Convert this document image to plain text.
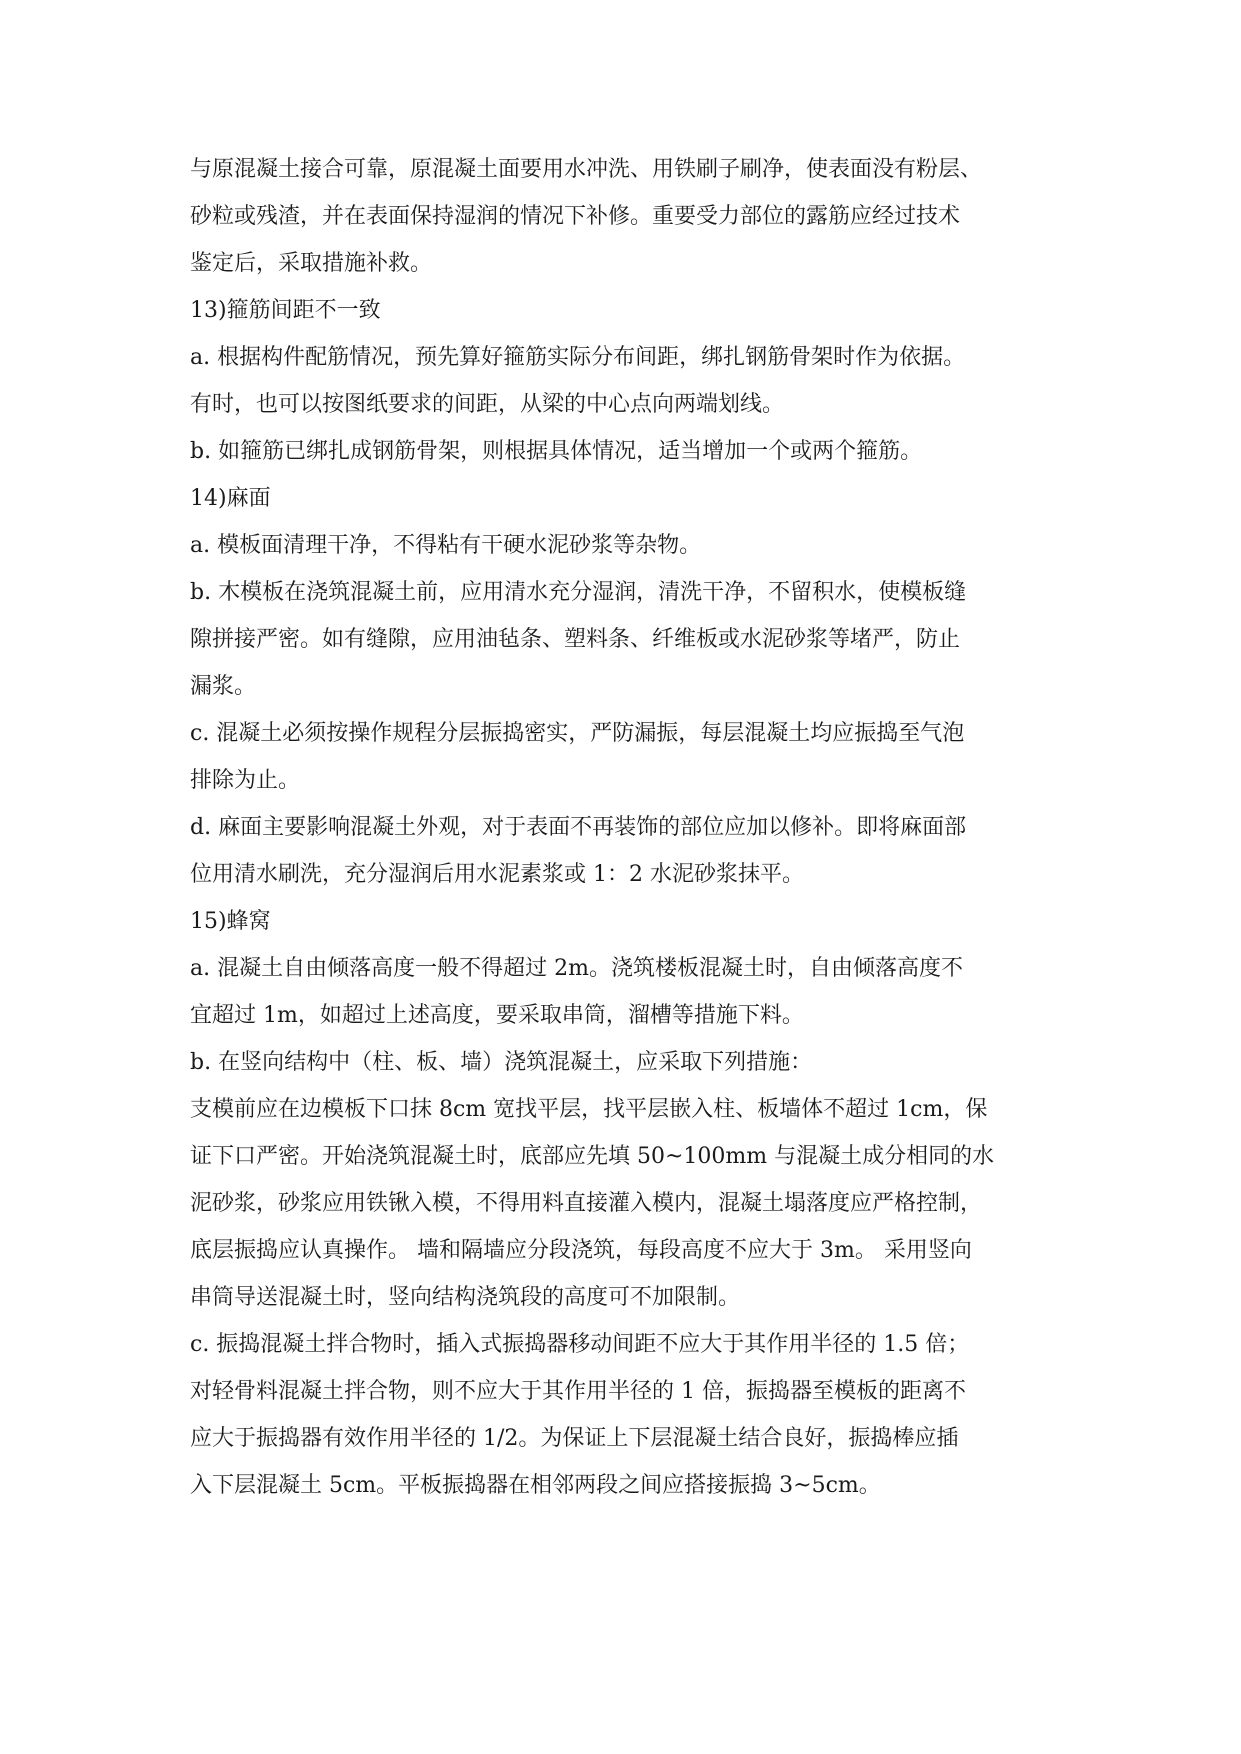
与原混凝土接合可靠，原混凝土面要用水冲洗、用铁刷子刷净，使表面没有粉层、
砂粒或残渣，并在表面保持湿润的情况下补修。重要受力部位的露筋应经过技术
鉴定后，采取措施补救。
13)箍筋间距不一致
a. 根据构件配筋情况，预先算好箍筋实际分布间距，绑扎钢筋骨架时作为依据。
有时，也可以按图纸要求的间距，从梁的中心点向两端划线。
b. 如箍筋已绑扎成钢筋骨架，则根据具体情况，适当增加一个或两个箍筋。
14)麻面
a. 模板面清理干净，不得粘有干硬水泥砂浆等杂物。
b. 木模板在浇筑混凝土前，应用清水充分湿润，清洗干净，不留积水，使模板缝
隙拼接严密。如有缝隙，应用油毡条、塑料条、纤维板或水泥砂浆等堵严，防止
漏浆。
c. 混凝土必须按操作规程分层振捣密实，严防漏振，每层混凝土均应振捣至气泡
排除为止。
d. 麻面主要影响混凝土外观，对于表面不再装饰的部位应加以修补。即将麻面部
位用清水刷洗，充分湿润后用水泥素浆或 1：2 水泥砂浆抹平。
15)蜂窝
a. 混凝土自由倾落高度一般不得超过 2m。浇筑楼板混凝土时，自由倾落高度不
宜超过 1m，如超过上述高度，要采取串筒，溜槽等措施下料。
b. 在竖向结构中（柱、板、墙）浇筑混凝土，应采取下列措施：
支模前应在边模板下口抹 8cm 宽找平层，找平层嵌入柱、板墙体不超过 1cm，保
证下口严密。开始浇筑混凝土时，底部应先填 50~100mm 与混凝土成分相同的水
泥砂浆，砂浆应用铁锹入模，不得用料直接灌入模内，混凝土塌落度应严格控制，
底层振捣应认真操作。 墙和隔墙应分段浇筑，每段高度不应大于 3m。 采用竖向
串筒导送混凝土时，竖向结构浇筑段的高度可不加限制。
c. 振捣混凝土拌合物时，插入式振捣器移动间距不应大于其作用半径的 1.5 倍；
对轻骨料混凝土拌合物，则不应大于其作用半径的 1 倍，振捣器至模板的距离不
应大于振捣器有效作用半径的 1/2。为保证上下层混凝土结合良好，振捣棒应插
入下层混凝土 5cm。平板振捣器在相邻两段之间应搭接振捣 3~5cm。
